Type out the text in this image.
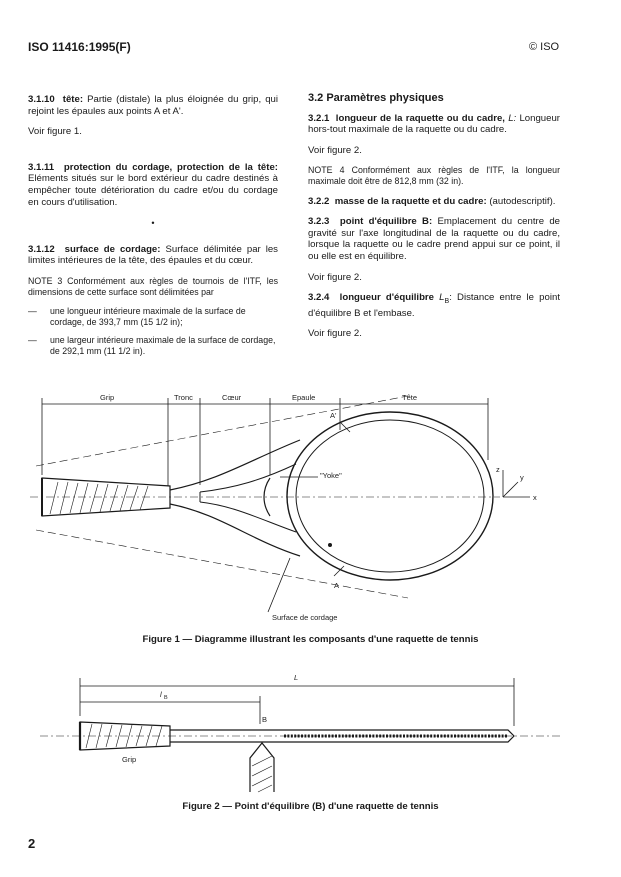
ISO 11416:1995(F)	© ISO

3.1.10 tête: Partie (distale) la plus éloignée du grip, qui rejoint les épaules aux points A et A'.

Voir figure 1.

3.1.11 protection du cordage, protection de la tête: Eléments situés sur le bord extérieur du cadre destinés à empêcher toute détérioration du cadre et/ou du cordage en cours d'utilisation.

•

3.1.12 surface de cordage: Surface délimitée par les limites intérieures de la tête, des épaules et du cœur.

NOTE 3 Conformément aux règles de tournois de l'ITF, les dimensions de cette surface sont délimitées par

— une longueur intérieure maximale de la surface de cordage, de 393,7 mm (15 1/2 in);
— une largeur intérieure maximale de la surface de cordage, de 292,1 mm (11 1/2 in).
3.2 Paramètres physiques

3.2.1 longueur de la raquette ou du cadre, L: Longueur hors-tout maximale de la raquette ou du cadre.

Voir figure 2.

NOTE 4 Conformément aux règles de l'ITF, la longueur maximale doit être de 812,8 mm (32 in).

3.2.2 masse de la raquette et du cadre: (autodescriptif).

3.2.3 point d'équilibre B: Emplacement du centre de gravité sur l'axe longitudinal de la raquette ou du cadre, lorsque la raquette ou le cadre prend appui sur ce point, il ou elle est en équilibre.

Voir figure 2.

3.2.4 longueur d'équilibre $L_B$: Distance entre le point d'équilibre B et l'embase.

Voir figure 2.

Grip	Tronc	Cœur	Epaule	Tête
A'
A
"Yoke"
Surface de cordage
z
y
x
Figure 1 — Diagramme illustrant les composants d'une raquette de tennis
L
l B
B
Grip
Figure 2 — Point d'équilibre (B) d'une raquette de tennis
2
